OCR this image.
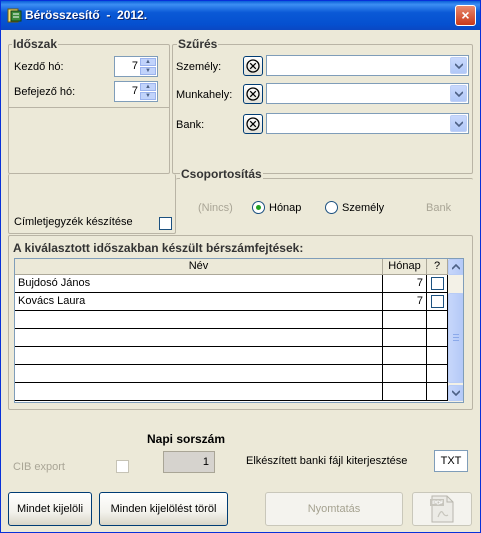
Bérösszesítő  -  2012.	×
Időszak
Kezdő hó:	7	▲
▼
Befejező hó:	7	▲
▼
Szűrés
Személy:
Munkahely:
Bank:
Címletjegyzék készítése
Csoportosítás
(Nincs)	Hónap	Személy	Bank
A kiválasztott időszakban készült bérszámfejtések:
Név	Hónap	?
Bujdosó János	7
Kovács Laura	7
CIB export
Napi sorszám
1	Elkészített banki fájl kiterjesztése	TXT
Mindet kijelöli	Minden kijelölést töröl	Nyomtatás
